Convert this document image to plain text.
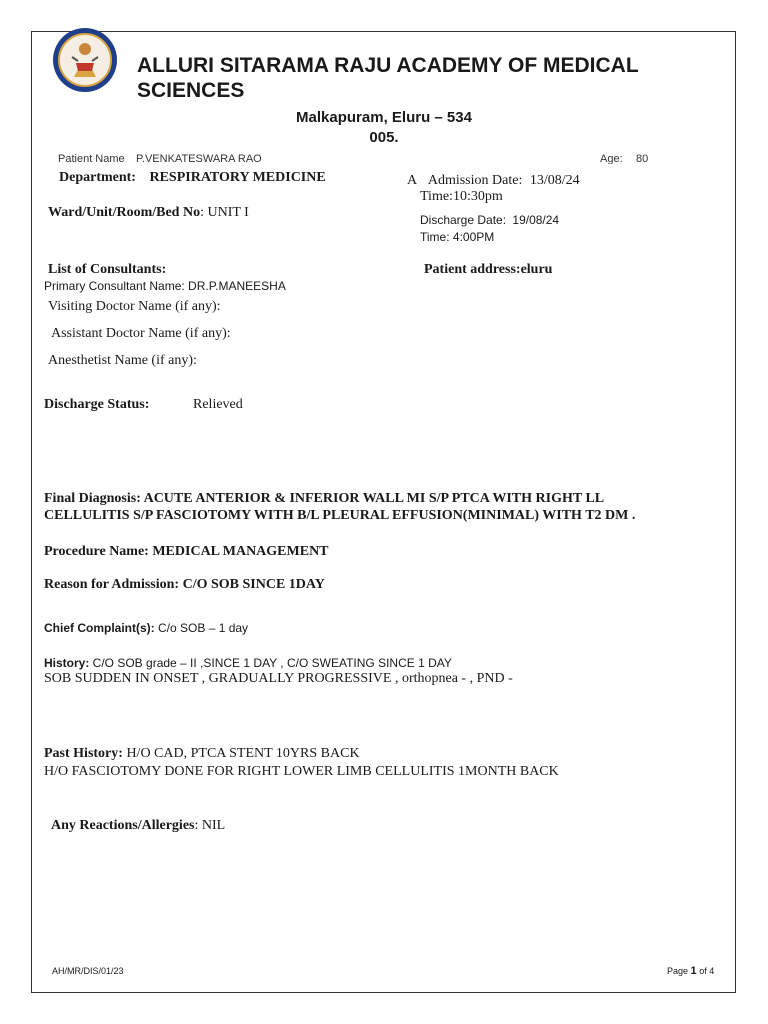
ALLURI SITARAMA RAJU ACADEMY OF MEDICAL
SCIENCES
Malkapuram, Eluru – 534
005.
Patient Name P.VENKATESWARA RAO	Age: 80
Department: RESPIRATORY MEDICINE	A Admission Date: 13/08/24
Time:10:30pm
Ward/Unit/Room/Bed No: UNIT I	Discharge Date: 19/08/24
Time: 4:00PM
List of Consultants:	Patient address:eluru
Primary Consultant Name: DR.P.MANEESHA
Visiting Doctor Name (if any):
Assistant Doctor Name (if any):
Anesthetist Name (if any):
Discharge Status:	Relieved
Final Diagnosis: ACUTE ANTERIOR & INFERIOR WALL MI S/P PTCA WITH RIGHT LL
CELLULITIS S/P FASCIOTOMY WITH B/L PLEURAL EFFUSION(MINIMAL) WITH T2 DM .
Procedure Name: MEDICAL MANAGEMENT
Reason for Admission: C/O SOB SINCE 1DAY
Chief Complaint(s): C/o SOB – 1 day
History: C/O SOB grade – II ,SINCE 1 DAY , C/O SWEATING SINCE 1 DAY
SOB SUDDEN IN ONSET , GRADUALLY PROGRESSIVE , orthopnea - , PND -
Past History: H/O CAD, PTCA STENT 10YRS BACK
H/O FASCIOTOMY DONE FOR RIGHT LOWER LIMB CELLULITIS 1MONTH BACK
Any Reactions/Allergies: NIL
AH/MR/DIS/01/23	Page 1 of 4
